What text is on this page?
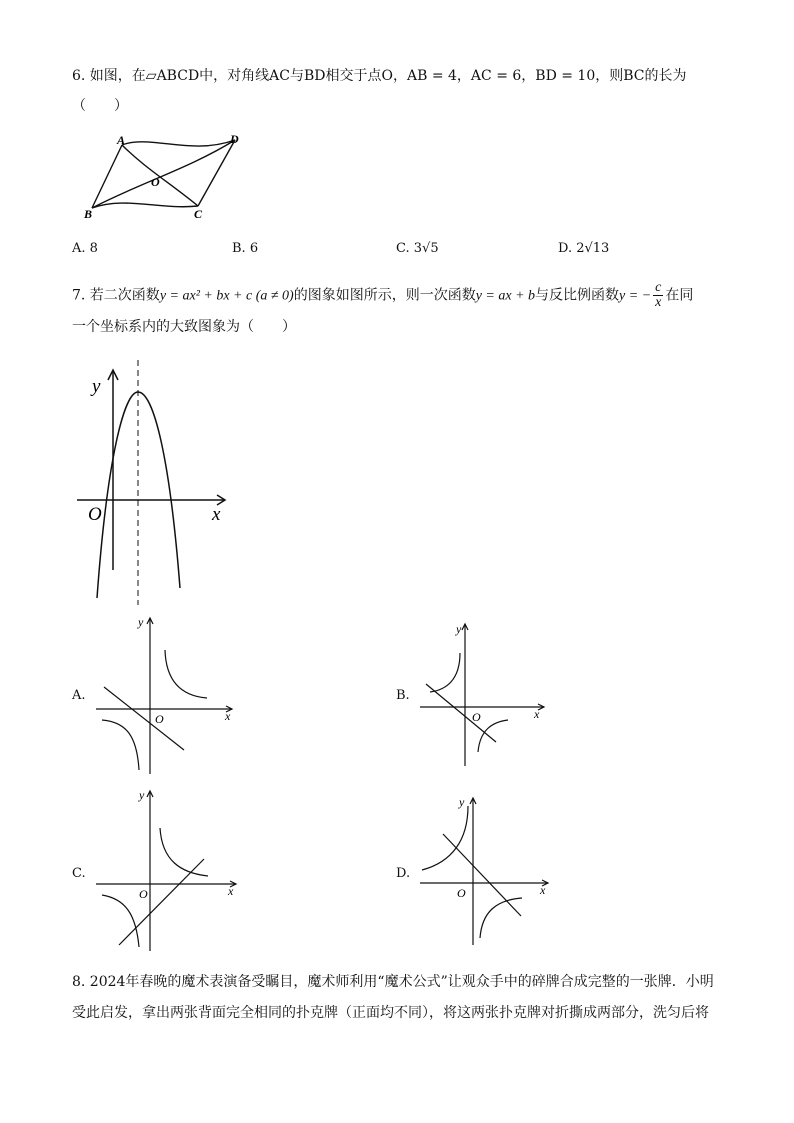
6. 如图，在▱ABCD中，对角线AC与BD相交于点O，AB = 4，AC = 6，BD = 10，则BC的长为
（　　）
A	D
B	C
O
A. 8	B. 6	C. 3√5	D. 2√13
7. 若二次函数y = ax² + bx + c (a ≠ 0)的图象如图所示，则一次函数y = ax + b与反比例函数y = − $\frac{c}{x}$ 在同
一个坐标系内的大致图象为（　　）
y
x
O
A.
y
x
O
B.
y
x
O
C.
y
x
O
D.
y
x
O
8. 2024年春晚的魔术表演备受瞩目，魔术师利用“魔术公式”让观众手中的碎牌合成完整的一张牌．小明
受此启发，拿出两张背面完全相同的扑克牌（正面均不同），将这两张扑克牌对折撕成两部分，洗匀后将
